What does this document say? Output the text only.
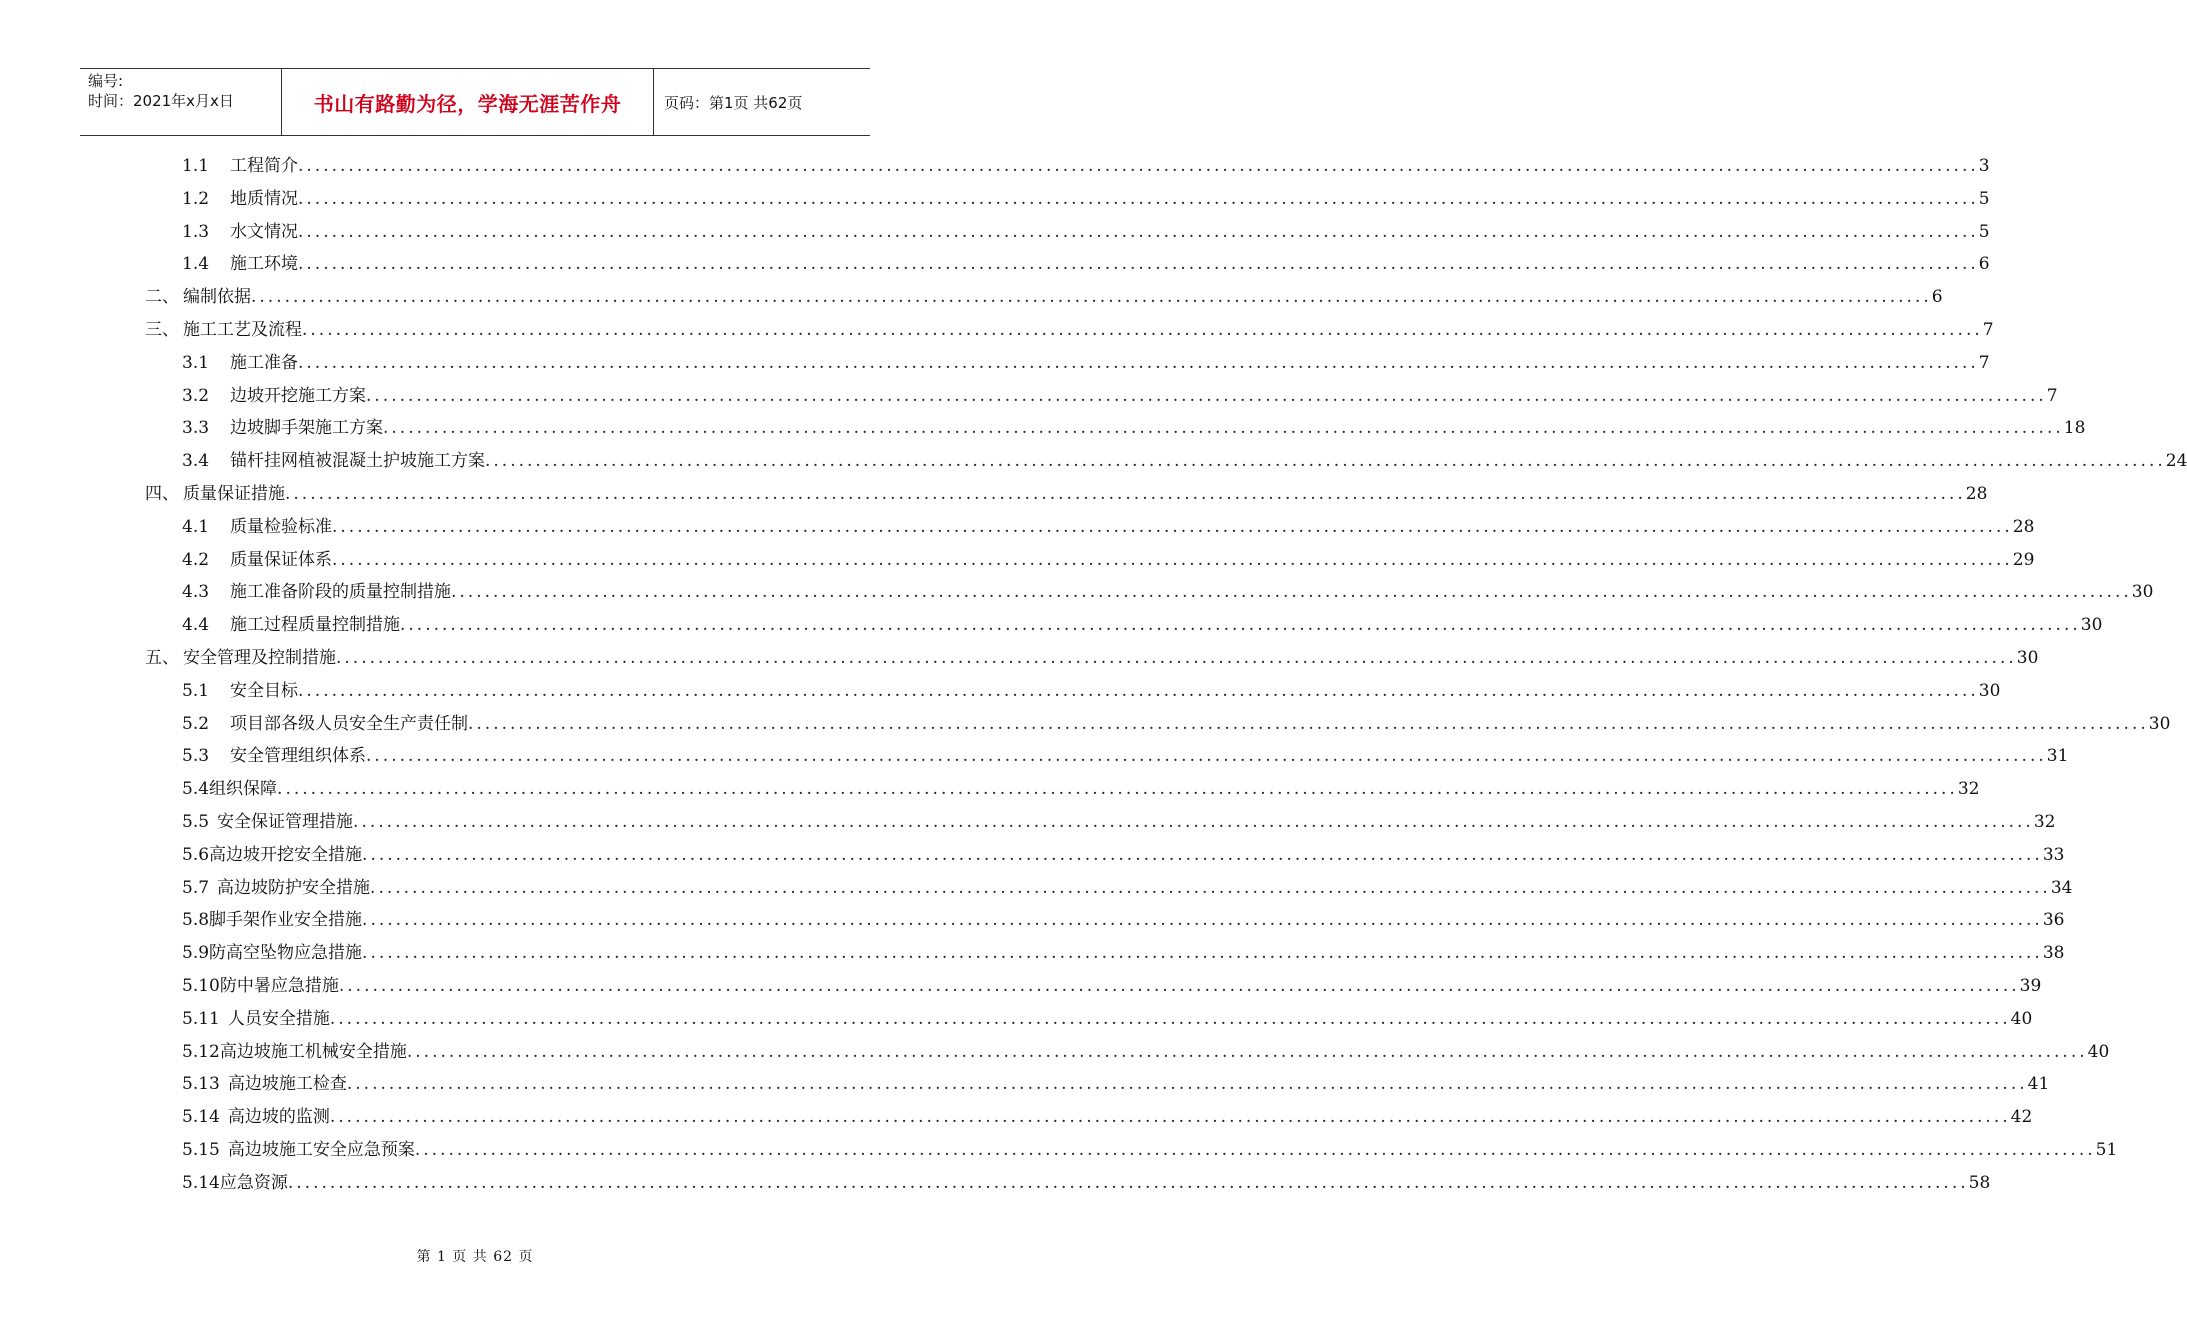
编号:
时间：2021年x月x日	书山有路勤为径，学海无涯苦作舟	页码：第1页 共62页
1.1	工程简介 ........................................................................................................................................................................................................ 3
1.2	地质情况 ........................................................................................................................................................................................................ 5
1.3	水文情况 ........................................................................................................................................................................................................ 5
1.4	施工环境 ........................................................................................................................................................................................................ 6
二、 编制依据 ........................................................................................................................................................................................................ 6
三、 施工工艺及流程 ........................................................................................................................................................................................................ 7
3.1	施工准备 ........................................................................................................................................................................................................ 7
3.2	边坡开挖施工方案 ........................................................................................................................................................................................................ 7
3.3	边坡脚手架施工方案 ........................................................................................................................................................................................................ 18
3.4	锚杆挂网植被混凝土护坡施工方案 ........................................................................................................................................................................................................ 24
四、 质量保证措施 ........................................................................................................................................................................................................ 28
4.1	质量检验标准 ........................................................................................................................................................................................................ 28
4.2	质量保证体系 ........................................................................................................................................................................................................ 29
4.3	施工准备阶段的质量控制措施 ........................................................................................................................................................................................................ 30
4.4	施工过程质量控制措施 ........................................................................................................................................................................................................ 30
五、 安全管理及控制措施 ........................................................................................................................................................................................................ 30
5.1	安全目标 ........................................................................................................................................................................................................ 30
5.2	项目部各级人员安全生产责任制 ........................................................................................................................................................................................................ 30
5.3	安全管理组织体系 ........................................................................................................................................................................................................ 31
5.4 组织保障 ........................................................................................................................................................................................................ 32
5.5 安全保证管理措施 ........................................................................................................................................................................................................ 32
5.6 高边坡开挖安全措施 ........................................................................................................................................................................................................ 33
5.7 高边坡防护安全措施 ........................................................................................................................................................................................................ 34
5.8 脚手架作业安全措施 ........................................................................................................................................................................................................ 36
5.9 防高空坠物应急措施 ........................................................................................................................................................................................................ 38
5.10 防中暑应急措施 ........................................................................................................................................................................................................ 39
5.11 人员安全措施 ........................................................................................................................................................................................................ 40
5.12 高边坡施工机械安全措施 ........................................................................................................................................................................................................ 40
5.13 高边坡施工检查 ........................................................................................................................................................................................................ 41
5.14 高边坡的监测 ........................................................................................................................................................................................................ 42
5.15 高边坡施工安全应急预案 ........................................................................................................................................................................................................ 51
5.14 应急资源 ........................................................................................................................................................................................................ 58
第 1 页 共 62 页
